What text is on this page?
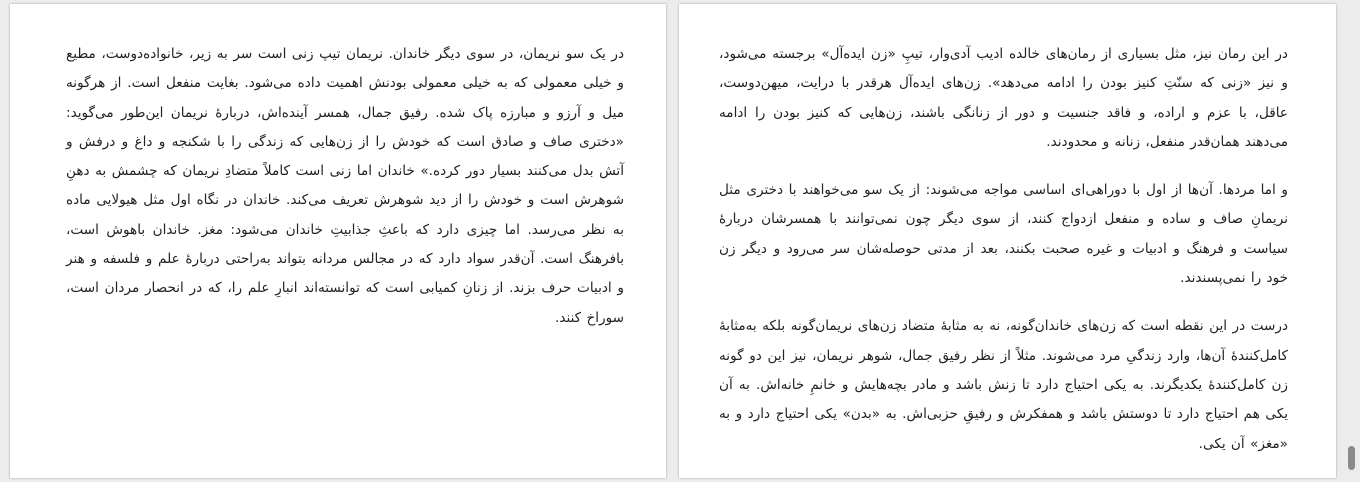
در یک سو نریمان، در سوی دیگر خاندان. نریمان تیپ زنی است سر به زیر، خانواده‌دوست، مطیع و خیلی معمولی که به خیلی معمولی بودنش اهمیت داده می‌شود. بغایت منفعل است. از هرگونه میل و آرزو و مبارزه پاک شده. رفیق جمال، همسر آینده‌اش، درباره‌ٔ نریمان این‌طور می‌گوید: «دختری صاف و صادق است که خودش را از زن‌هایی که زندگی را با شکنجه و داغ و درفش و آتش بدل می‌کنند بسیار دور کرده.» خاندان اما زنی است کاملاً متضادِ نریمان که چشمش به دهنِ شوهرش است و خودش را از دید شوهرش تعریف می‌کند. خاندان در نگاه اول مثل هیولایی ماده به نظر می‌رسد. اما چیزی دارد که باعثِ جذابیتِ خاندان می‌شود: مغز. خاندان باهوش است، بافرهنگ است. آن‌قدر سواد دارد که در مجالس مردانه بتواند به‌راحتی درباره‌ٔ علم و فلسفه و هنر و ادبیات حرف بزند. از زنانِ کمیابی است که توانسته‌اند انبارِ علم را، که در انحصار مردان است، سوراخ کنند.

در این رمان نیز، مثل بسیاری از رمان‌های خالده ادیب آدی‌وار، تیپِ «زن ایده‌آل» برجسته می‌شود، و نیز «زنی که سنّتِ کنیز بودن را ادامه می‌دهد». زن‌های ایده‌آل هرقدر با درایت، میهن‌دوست، عاقل، با عزم و اراده، و فاقد جنسیت و دور از زنانگی باشند، زن‌هایی که کنیز بودن را ادامه می‌دهند همان‌قدر منفعل، زنانه و محدودند.

و اما مردها. آن‌ها از اول با دوراهی‌ای اساسی مواجه می‌شوند: از یک سو می‌خواهند با دختری مثل نریمانِ صاف و ساده و منفعل ازدواج کنند، از سوی دیگر چون نمی‌توانند با همسرشان درباره‌ٔ سیاست و فرهنگ و ادبیات و غیره صحبت بکنند، بعد از مدتی حوصله‌شان سر می‌رود و دیگر زن خود را نمی‌پسندند.

درست در این نقطه است که زن‌های خاندان‌گونه، نه به مثابه‌ٔ متضاد زن‌های نریمان‌گونه بلکه به‌مثابه‌ٔ کامل‌کننده‌ٔ آن‌ها، وارد زندگیِ مرد می‌شوند. مثلاً از نظر رفیق جمال، شوهر نریمان، نیز این دو گونه زن کامل‌کننده‌ٔ یکدیگرند. به یکی احتیاج دارد تا زنش باشد و مادر بچه‌هایش و خانمِ خانه‌اش. به آن یکی هم احتیاج دارد تا دوستش باشد و همفکرش و رفیقِ حزبی‌اش. به «بدن» یکی احتیاج دارد و به «مغز» آن یکی.
